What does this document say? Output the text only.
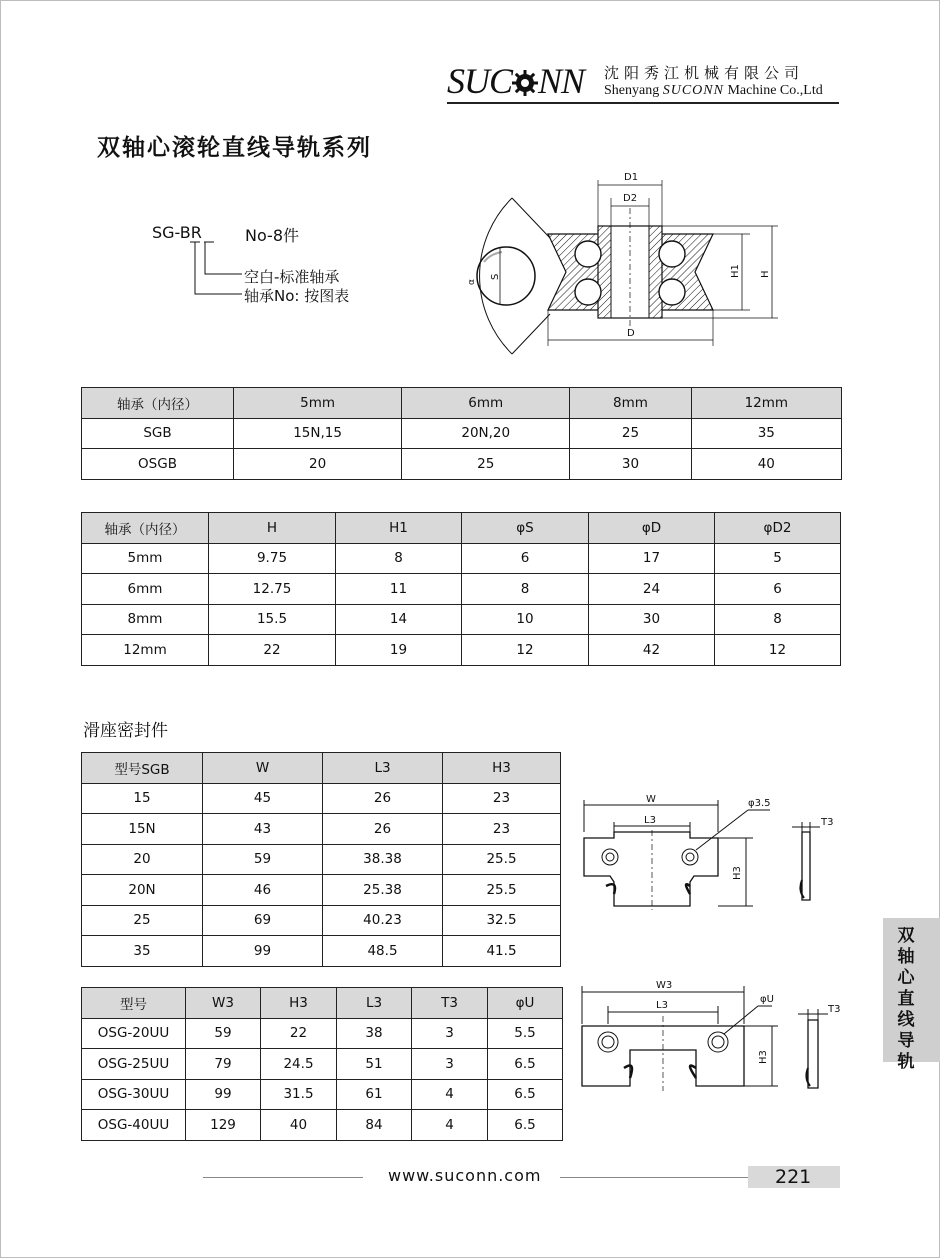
SUC NN 沈阳秀江机械有限公司
Shenyang SUCONN Machine Co.,Ltd
双轴心滚轮直线导轨系列
SG-BR	No-8件
空白-标准轴承
轴承No: 按图表
α
S
D1
D2
H1 H
D
轴承（内径）	5mm	6mm	8mm	12mm
SGB	15N,15	20N,20	25	35
OSGB	20	25	30	40
轴承（内径）	H	H1	φS	φD	φD2
5mm	9.75	8	6	17	5
6mm	12.75	11	8	24	6
8mm	15.5	14	10	30	8
12mm	22	19	12	42	12
滑座密封件
型号SGB	W	L3	H3
15	45	26	23
15N	43	26	23
20	59	38.38	25.5
20N	46	25.38	25.5
25	69	40.23	32.5
35	99	48.5	41.5
型号	W3	H3	L3	T3	φU
OSG-20UU	59	22	38	3	5.5
OSG-25UU	79	24.5	51	3	6.5
OSG-30UU	99	31.5	61	4	6.5
OSG-40UU	129	40	84	4	6.5
W	φ3.5
L3
H3
T3
W3
L3
φU
H3
T3
双轴心直线导轨
www.suconn.com	221
